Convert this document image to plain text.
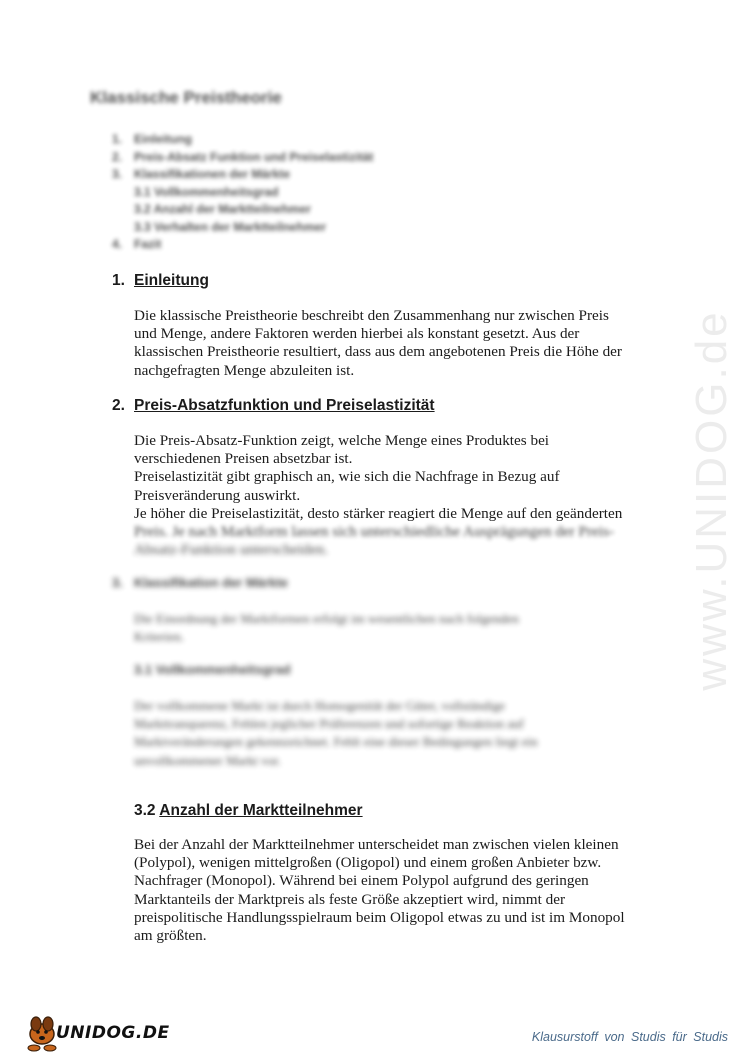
www.UNIDOG.de
Klassische Preistheorie
1. Einleitung
2. Preis-Absatz Funktion und Preiselastizität
3. Klassifikationen der Märkte
3.1 Vollkommenheitsgrad
3.2 Anzahl der Marktteilnehmer
3.3 Verhalten der Marktteilnehmer
4. Fazit
1. Einleitung
Die klassische Preistheorie beschreibt den Zusammenhang nur zwischen Preis
und Menge, andere Faktoren werden hierbei als konstant gesetzt. Aus der
klassischen Preistheorie resultiert, dass aus dem angebotenen Preis die Höhe der
nachgefragten Menge abzuleiten ist.
2. Preis-Absatzfunktion und Preiselastizität
Die Preis-Absatz-Funktion zeigt, welche Menge eines Produktes bei
verschiedenen Preisen absetzbar ist.
Preiselastizität gibt graphisch an, wie sich die Nachfrage in Bezug auf
Preisveränderung auswirkt.
Je höher die Preiselastizität, desto stärker reagiert die Menge auf den geänderten
Preis. Je nach Marktform lassen sich unterschiedliche Ausprägungen der Preis-
Absatz-Funktion unterscheiden.
3. Klassifikation der Märkte
Die Einordnung der Marktformen erfolgt im wesentlichen nach folgenden
Kriterien.
3.1 Vollkommenheitsgrad
Der vollkommene Markt ist durch Homogenität der Güter, vollständige
Markttransparenz, Fehlen jeglicher Präferenzen und sofortige Reaktion auf
Marktveränderungen gekennzeichnet. Fehlt eine dieser Bedingungen liegt ein
unvollkommener Markt vor.
3.2 Anzahl der Marktteilnehmer
Bei der Anzahl der Marktteilnehmer unterscheidet man zwischen vielen kleinen
(Polypol), wenigen mittelgroßen (Oligopol) und einem großen Anbieter bzw.
Nachfrager (Monopol). Während bei einem Polypol aufgrund des geringen
Marktanteils der Marktpreis als feste Größe akzeptiert wird, nimmt der
preispolitische Handlungsspielraum beim Oligopol etwas zu und ist im Monopol
am größten.
UNIDOG.DE	Klausurstoff von Studis für Studis
